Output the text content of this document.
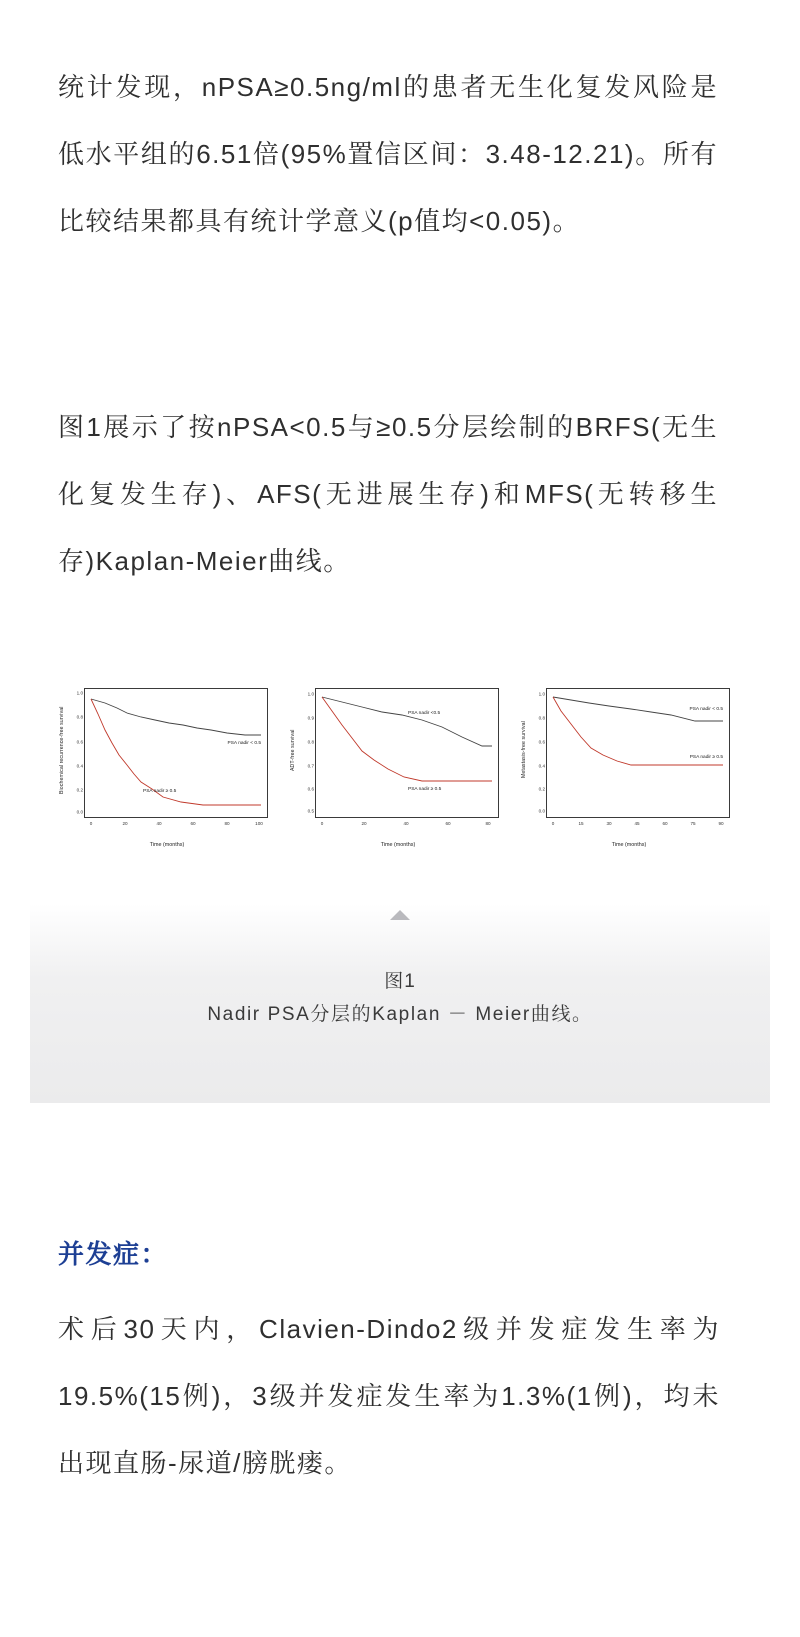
统计发现，nPSA≥0.5ng/ml的患者无生化复发风险是低水平组的6.51倍(95%置信区间：3.48-12.21)。所有比较结果都具有统计学意义(p值均<0.05)。

图1展示了按nPSA<0.5与≥0.5分层绘制的BRFS(无生化复发生存)、AFS(无进展生存)和MFS(无转移生存)Kaplan-Meier曲线。

Biochemical recurrence-free survival	PSA nadir < 0.5
PSA nadir ≥ 0.5
1.0
0.8
0.6
0.4
0.2
0.0
0	20	40	60	80	100
Time (months)
ADT-free survival
PSA nadir <0.5
PSA nadir ≥ 0.5
1.0
0.9
0.8
0.7
0.6
0.5
0	20	40	60	80
Time (months)
Metastasis-free survival
PSA nadir < 0.5
PSA nadir ≥ 0.5
1.0
0.8
0.6
0.4
0.2
0.0
0	15	30	45	60	75	90
Time (months)
图1
Nadir PSA分层的Kaplan － Meier曲线。
并发症：

术后30天内，Clavien-Dindo2级并发症发生率为19.5%(15例)，3级并发症发生率为1.3%(1例)，均未出现直肠-尿道/膀胱瘘。
